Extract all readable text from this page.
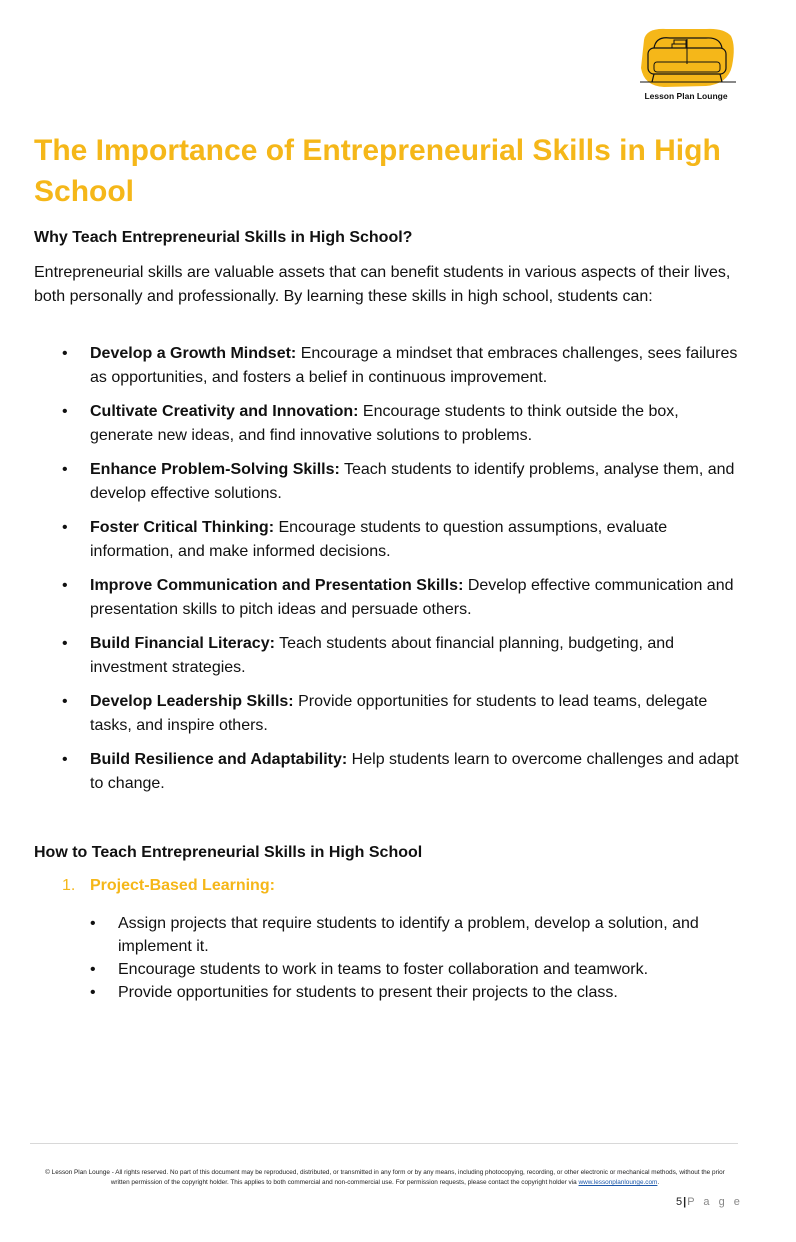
Lesson Plan Lounge
The Importance of Entrepreneurial Skills in High School
Why Teach Entrepreneurial Skills in High School?

Entrepreneurial skills are valuable assets that can benefit students in various aspects of their lives, both personally and professionally. By learning these skills in high school, students can:

• Develop a Growth Mindset: Encourage a mindset that embraces challenges, sees failures as opportunities, and fosters a belief in continuous improvement.
• Cultivate Creativity and Innovation: Encourage students to think outside the box, generate new ideas, and find innovative solutions to problems.
• Enhance Problem-Solving Skills: Teach students to identify problems, analyse them, and develop effective solutions.
• Foster Critical Thinking: Encourage students to question assumptions, evaluate information, and make informed decisions.
• Improve Communication and Presentation Skills: Develop effective communication and presentation skills to pitch ideas and persuade others.
• Build Financial Literacy: Teach students about financial planning, budgeting, and investment strategies.
• Develop Leadership Skills: Provide opportunities for students to lead teams, delegate tasks, and inspire others.
• Build Resilience and Adaptability: Help students learn to overcome challenges and adapt to change.
How to Teach Entrepreneurial Skills in High School
1. Project-Based Learning:
• Assign projects that require students to identify a problem, develop a solution, and implement it.
• Encourage students to work in teams to foster collaboration and teamwork.
• Provide opportunities for students to present their projects to the class.
© Lesson Plan Lounge - All rights reserved. No part of this document may be reproduced, distributed, or transmitted in any form or by any means, including photocopying, recording, or other electronic or mechanical methods, without the prior written permission of the copyright holder. This applies to both commercial and non-commercial use. For permission requests, please contact the copyright holder via www.lessonplanlounge.com.
5|P a g e
